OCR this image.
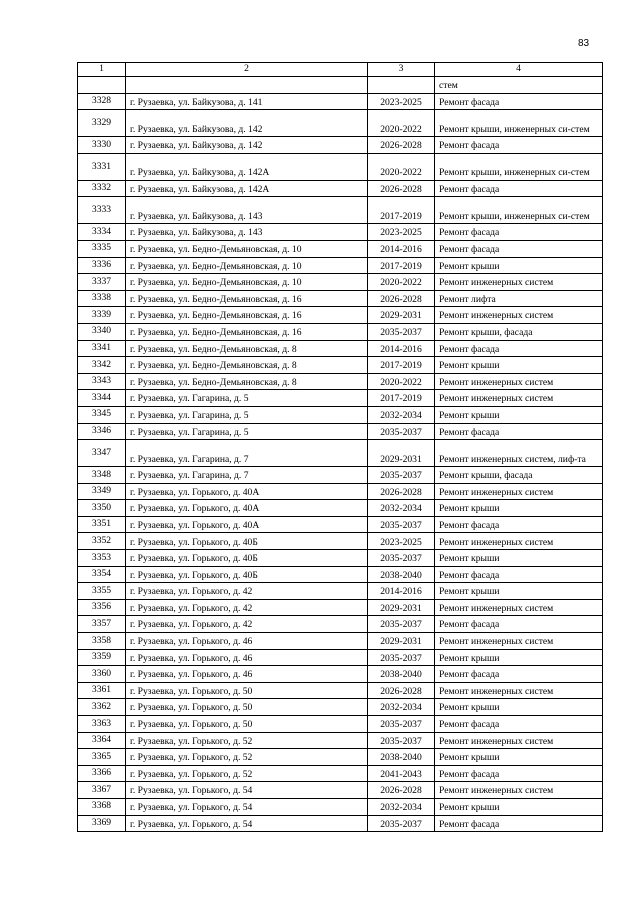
83
1	2	3	4
			стем
3328	г. Рузаевка, ул. Байкузова, д. 141	2023-2025	Ремонт фасада
3329	г. Рузаевка, ул. Байкузова, д. 142	2020-2022	Ремонт крыши, инженерных си-стем
3330	г. Рузаевка, ул. Байкузова, д. 142	2026-2028	Ремонт фасада
3331	г. Рузаевка, ул. Байкузова, д. 142А	2020-2022	Ремонт крыши, инженерных си-стем
3332	г. Рузаевка, ул. Байкузова, д. 142А	2026-2028	Ремонт фасада
3333	г. Рузаевка, ул. Байкузова, д. 143	2017-2019	Ремонт крыши, инженерных си-стем
3334	г. Рузаевка, ул. Байкузова, д. 143	2023-2025	Ремонт фасада
3335	г. Рузаевка, ул. Бедно-Демьяновская, д. 10	2014-2016	Ремонт фасада
3336	г. Рузаевка, ул. Бедно-Демьяновская, д. 10	2017-2019	Ремонт крыши
3337	г. Рузаевка, ул. Бедно-Демьяновская, д. 10	2020-2022	Ремонт инженерных систем
3338	г. Рузаевка, ул. Бедно-Демьяновская, д. 16	2026-2028	Ремонт лифта
3339	г. Рузаевка, ул. Бедно-Демьяновская, д. 16	2029-2031	Ремонт инженерных систем
3340	г. Рузаевка, ул. Бедно-Демьяновская, д. 16	2035-2037	Ремонт крыши, фасада
3341	г. Рузаевка, ул. Бедно-Демьяновская, д. 8	2014-2016	Ремонт фасада
3342	г. Рузаевка, ул. Бедно-Демьяновская, д. 8	2017-2019	Ремонт крыши
3343	г. Рузаевка, ул. Бедно-Демьяновская, д. 8	2020-2022	Ремонт инженерных систем
3344	г. Рузаевка, ул. Гагарина, д. 5	2017-2019	Ремонт инженерных систем
3345	г. Рузаевка, ул. Гагарина, д. 5	2032-2034	Ремонт крыши
3346	г. Рузаевка, ул. Гагарина, д. 5	2035-2037	Ремонт фасада
3347	г. Рузаевка, ул. Гагарина, д. 7	2029-2031	Ремонт инженерных систем, лиф-та
3348	г. Рузаевка, ул. Гагарина, д. 7	2035-2037	Ремонт крыши, фасада
3349	г. Рузаевка, ул. Горького, д. 40А	2026-2028	Ремонт инженерных систем
3350	г. Рузаевка, ул. Горького, д. 40А	2032-2034	Ремонт крыши
3351	г. Рузаевка, ул. Горького, д. 40А	2035-2037	Ремонт фасада
3352	г. Рузаевка, ул. Горького, д. 40Б	2023-2025	Ремонт инженерных систем
3353	г. Рузаевка, ул. Горького, д. 40Б	2035-2037	Ремонт крыши
3354	г. Рузаевка, ул. Горького, д. 40Б	2038-2040	Ремонт фасада
3355	г. Рузаевка, ул. Горького, д. 42	2014-2016	Ремонт крыши
3356	г. Рузаевка, ул. Горького, д. 42	2029-2031	Ремонт инженерных систем
3357	г. Рузаевка, ул. Горького, д. 42	2035-2037	Ремонт фасада
3358	г. Рузаевка, ул. Горького, д. 46	2029-2031	Ремонт инженерных систем
3359	г. Рузаевка, ул. Горького, д. 46	2035-2037	Ремонт крыши
3360	г. Рузаевка, ул. Горького, д. 46	2038-2040	Ремонт фасада
3361	г. Рузаевка, ул. Горького, д. 50	2026-2028	Ремонт инженерных систем
3362	г. Рузаевка, ул. Горького, д. 50	2032-2034	Ремонт крыши
3363	г. Рузаевка, ул. Горького, д. 50	2035-2037	Ремонт фасада
3364	г. Рузаевка, ул. Горького, д. 52	2035-2037	Ремонт инженерных систем
3365	г. Рузаевка, ул. Горького, д. 52	2038-2040	Ремонт крыши
3366	г. Рузаевка, ул. Горького, д. 52	2041-2043	Ремонт фасада
3367	г. Рузаевка, ул. Горького, д. 54	2026-2028	Ремонт инженерных систем
3368	г. Рузаевка, ул. Горького, д. 54	2032-2034	Ремонт крыши
3369	г. Рузаевка, ул. Горького, д. 54	2035-2037	Ремонт фасада
